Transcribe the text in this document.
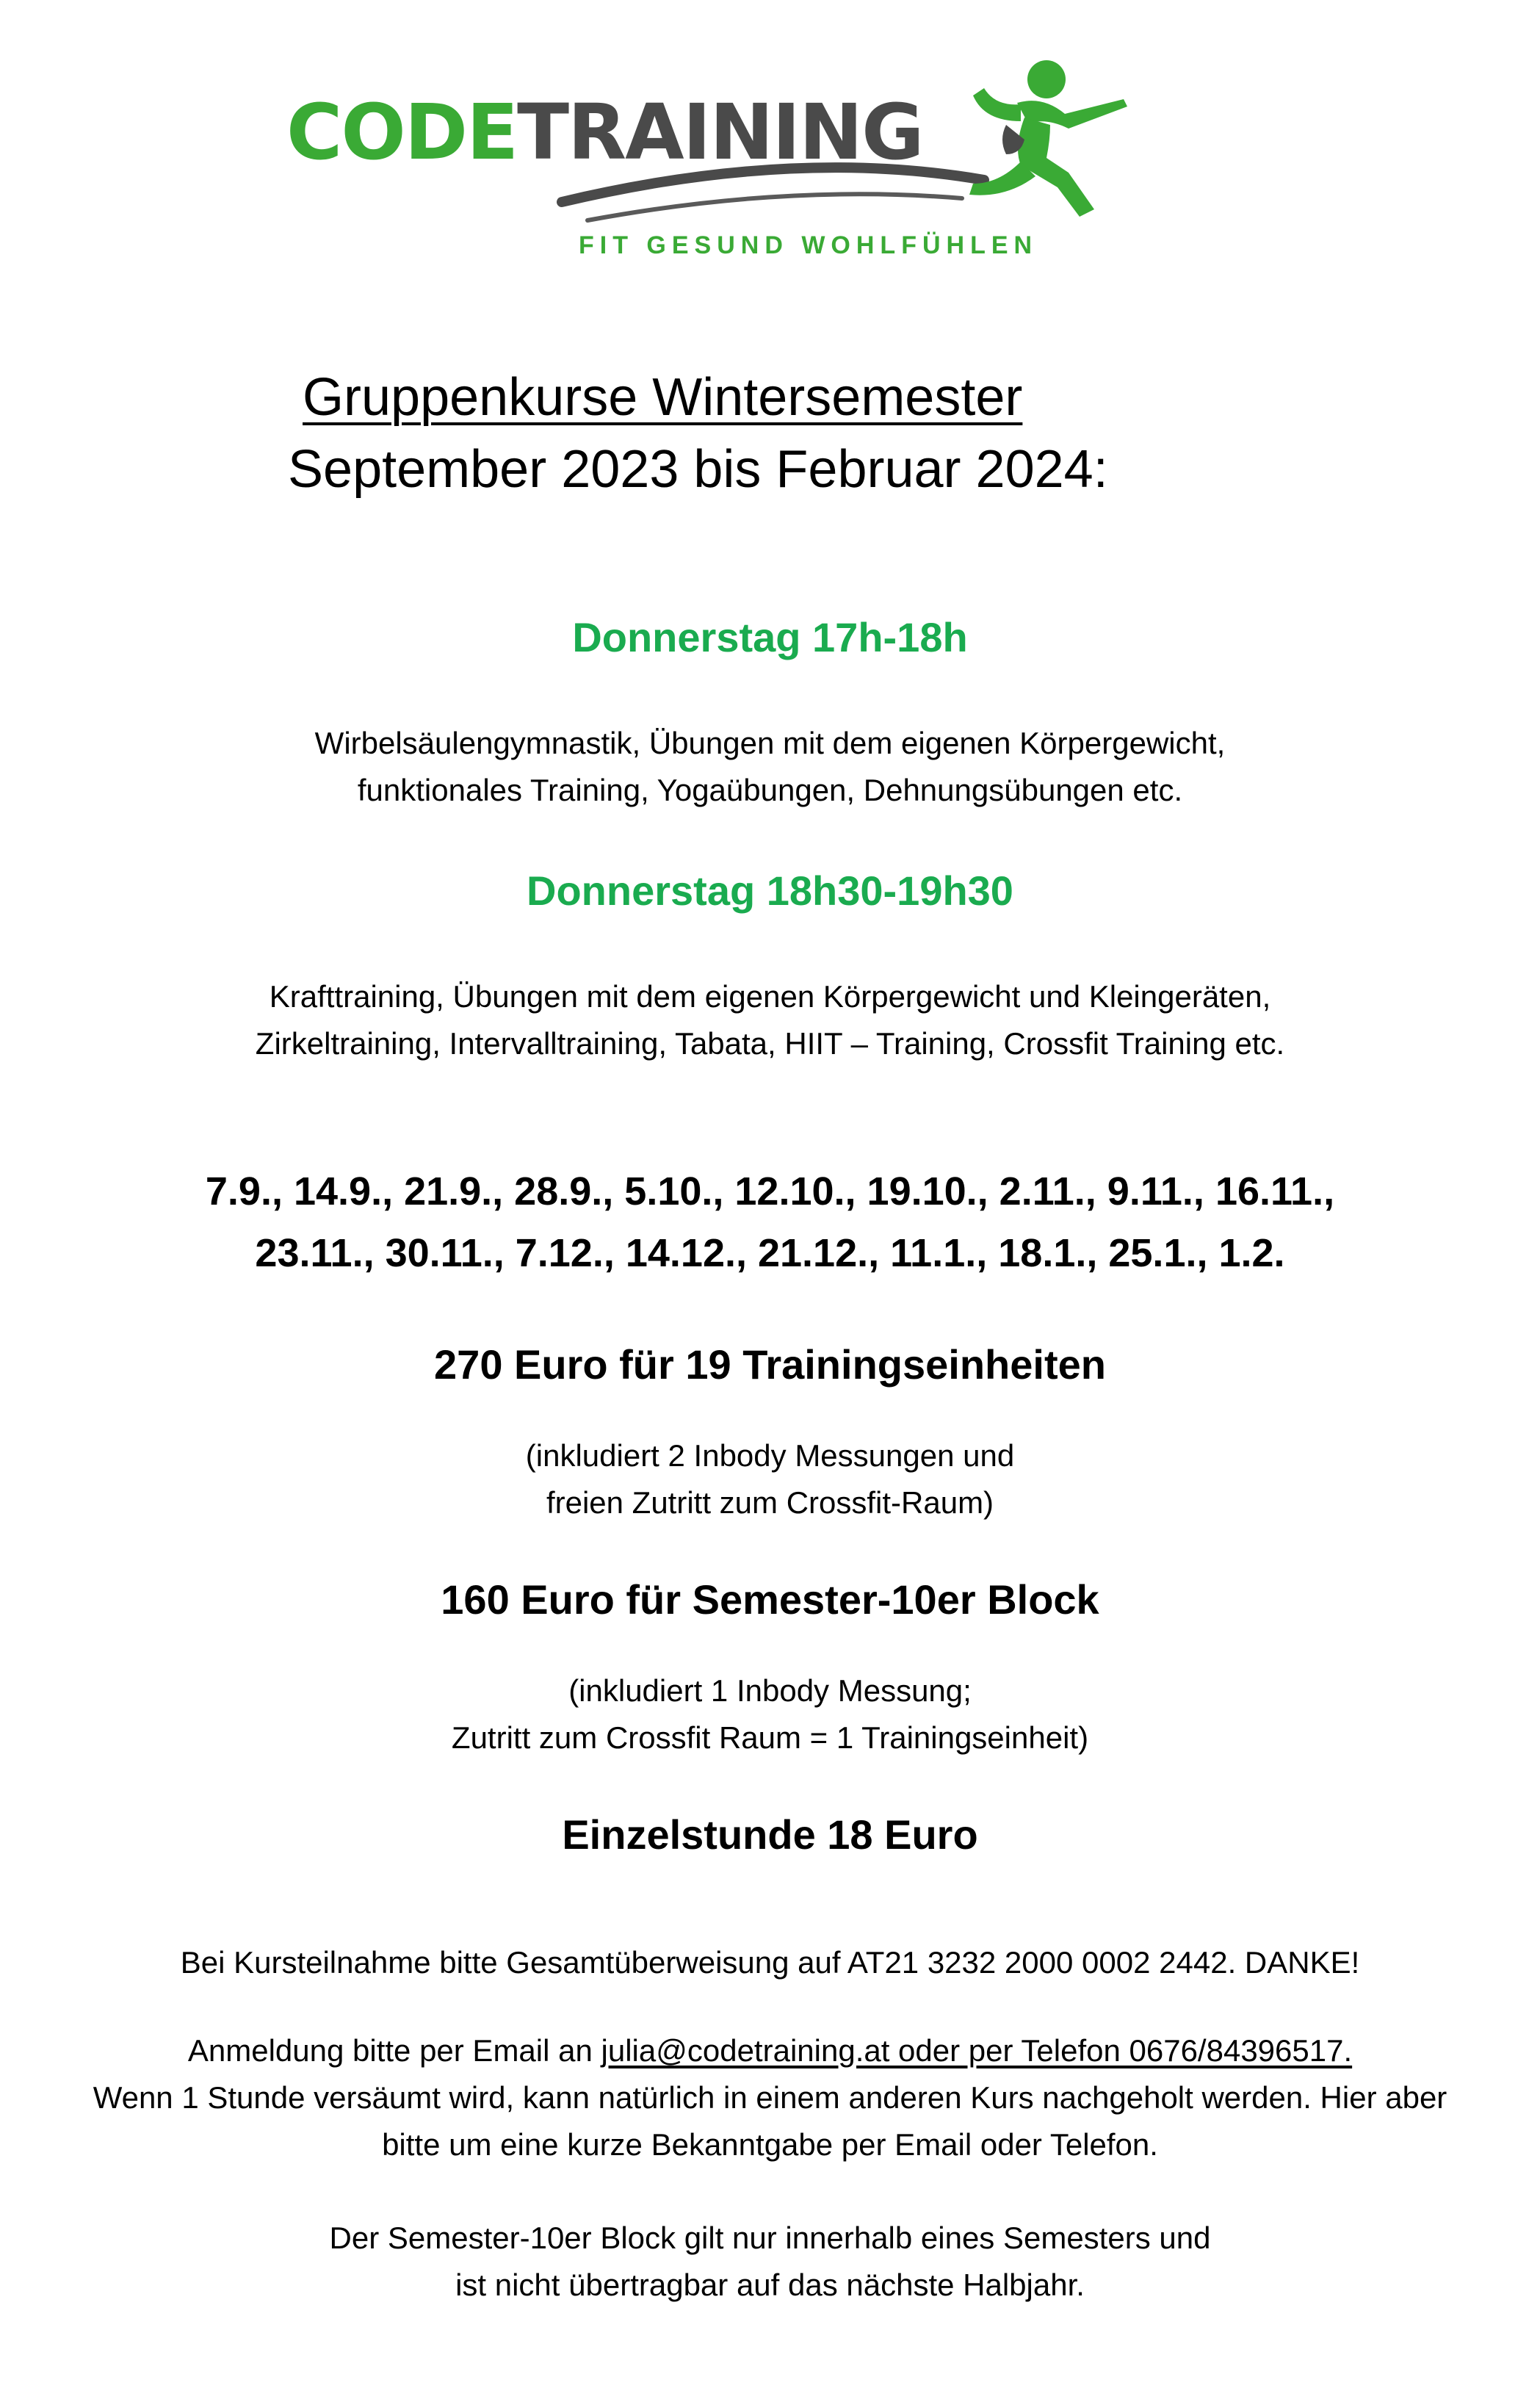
CODETRAINING
FIT GESUND WOHLFÜHLEN
Gruppenkurse Wintersemester
September 2023 bis Februar 2024:
Donnerstag 17h-18h
Wirbelsäulengymnastik, Übungen mit dem eigenen Körpergewicht,
funktionales Training, Yogaübungen, Dehnungsübungen etc.
Donnerstag 18h30-19h30
Krafttraining, Übungen mit dem eigenen Körpergewicht und Kleingeräten,
Zirkeltraining, Intervalltraining, Tabata, HIIT – Training, Crossfit Training etc.
7.9., 14.9., 21.9., 28.9., 5.10., 12.10., 19.10., 2.11., 9.11., 16.11.,
23.11., 30.11., 7.12., 14.12., 21.12., 11.1., 18.1., 25.1., 1.2.
270 Euro für 19 Trainingseinheiten
(inkludiert 2 Inbody Messungen und
freien Zutritt zum Crossfit-Raum)
160 Euro für Semester-10er Block
(inkludiert 1 Inbody Messung;
Zutritt zum Crossfit Raum = 1 Trainingseinheit)
Einzelstunde 18 Euro
Bei Kursteilnahme bitte Gesamtüberweisung auf AT21 3232 2000 0002 2442. DANKE!
Anmeldung bitte per Email an julia@codetraining.at oder per Telefon 0676/84396517.
Wenn 1 Stunde versäumt wird, kann natürlich in einem anderen Kurs nachgeholt werden. Hier aber
bitte um eine kurze Bekanntgabe per Email oder Telefon.
Der Semester-10er Block gilt nur innerhalb eines Semesters und
ist nicht übertragbar auf das nächste Halbjahr.
